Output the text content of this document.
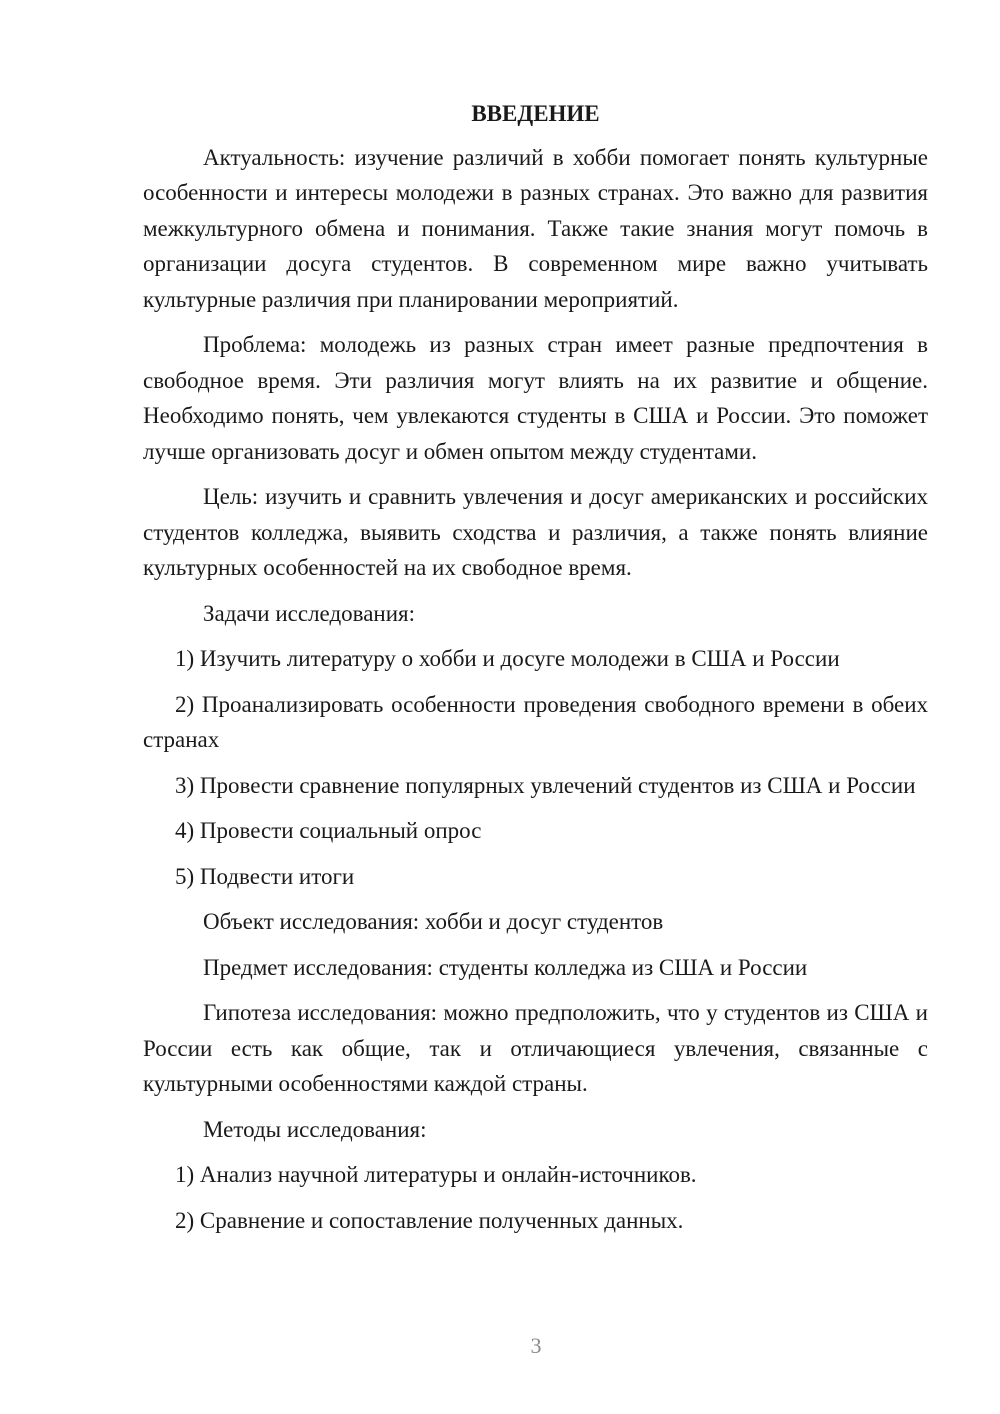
ВВЕДЕНИЕ

Актуальность: изучение различий в хобби помогает понять культурные особенности и интересы молодежи в разных странах. Это важно для развития межкультурного обмена и понимания. Также такие знания могут помочь в организации досуга студентов. В современном мире важно учитывать культурные различия при планировании мероприятий.

Проблема: молодежь из разных стран имеет разные предпочтения в свободное время. Эти различия могут влиять на их развитие и общение. Необходимо понять, чем увлекаются студенты в США и России. Это поможет лучше организовать досуг и обмен опытом между студентами.

Цель: изучить и сравнить увлечения и досуг американских и российских студентов колледжа, выявить сходства и различия, а также понять влияние культурных особенностей на их свободное время.

Задачи исследования:

1) Изучить литературу о хобби и досуге молодежи в США и России

2) Проанализировать особенности проведения свободного времени в обеих странах

3) Провести сравнение популярных увлечений студентов из США и России

4) Провести социальный опрос

5) Подвести итоги

Объект исследования: хобби и досуг студентов

Предмет исследования: студенты колледжа из США и России

Гипотеза исследования: можно предположить, что у студентов из США и России есть как общие, так и отличающиеся увлечения, связанные с культурными особенностями каждой страны.

Методы исследования:

1) Анализ научной литературы и онлайн-источников.

2) Сравнение и сопоставление полученных данных.

3
